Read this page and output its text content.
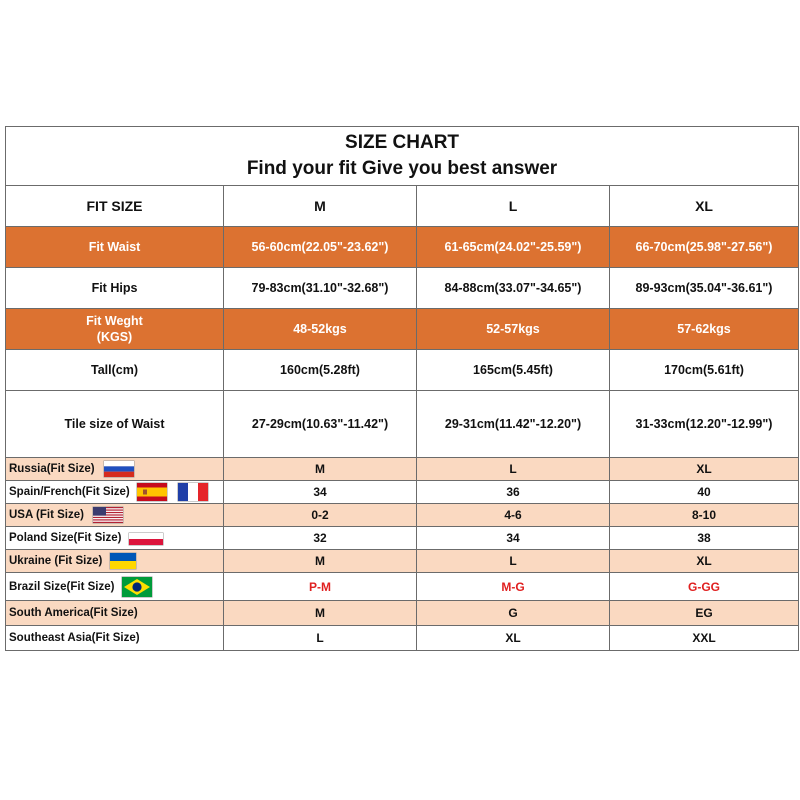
SIZE CHART
Find your fit Give you best answer			

FIT SIZE	M	L	XL
Fit Waist	56-60cm(22.05"-23.62")	61-65cm(24.02"-25.59")	66-70cm(25.98"-27.56")
Fit Hips	79-83cm(31.10"-32.68")	84-88cm(33.07"-34.65")	89-93cm(35.04"-36.61")

Fit Weght
(KGS)	48-52kgs	52-57kgs	57-62kgs
Tall(cm)	160cm(5.28ft)	165cm(5.45ft)	170cm(5.61ft)
Tile size of Waist	27-29cm(10.63"-11.42")	29-31cm(11.42"-12.20")	31-33cm(12.20"-12.99")
Russia(Fit Size)	M	L	XL
Spain/French(Fit Size)	34	36	40
USA (Fit Size)	0-2	4-6	8-10
Poland Size(Fit Size)	32	34	38
Ukraine (Fit Size)	M	L	XL
Brazil Size(Fit Size)	P-M	M-G	G-GG
South America(Fit Size)	M	G	EG
Southeast Asia(Fit Size)	L	XL	XXL
